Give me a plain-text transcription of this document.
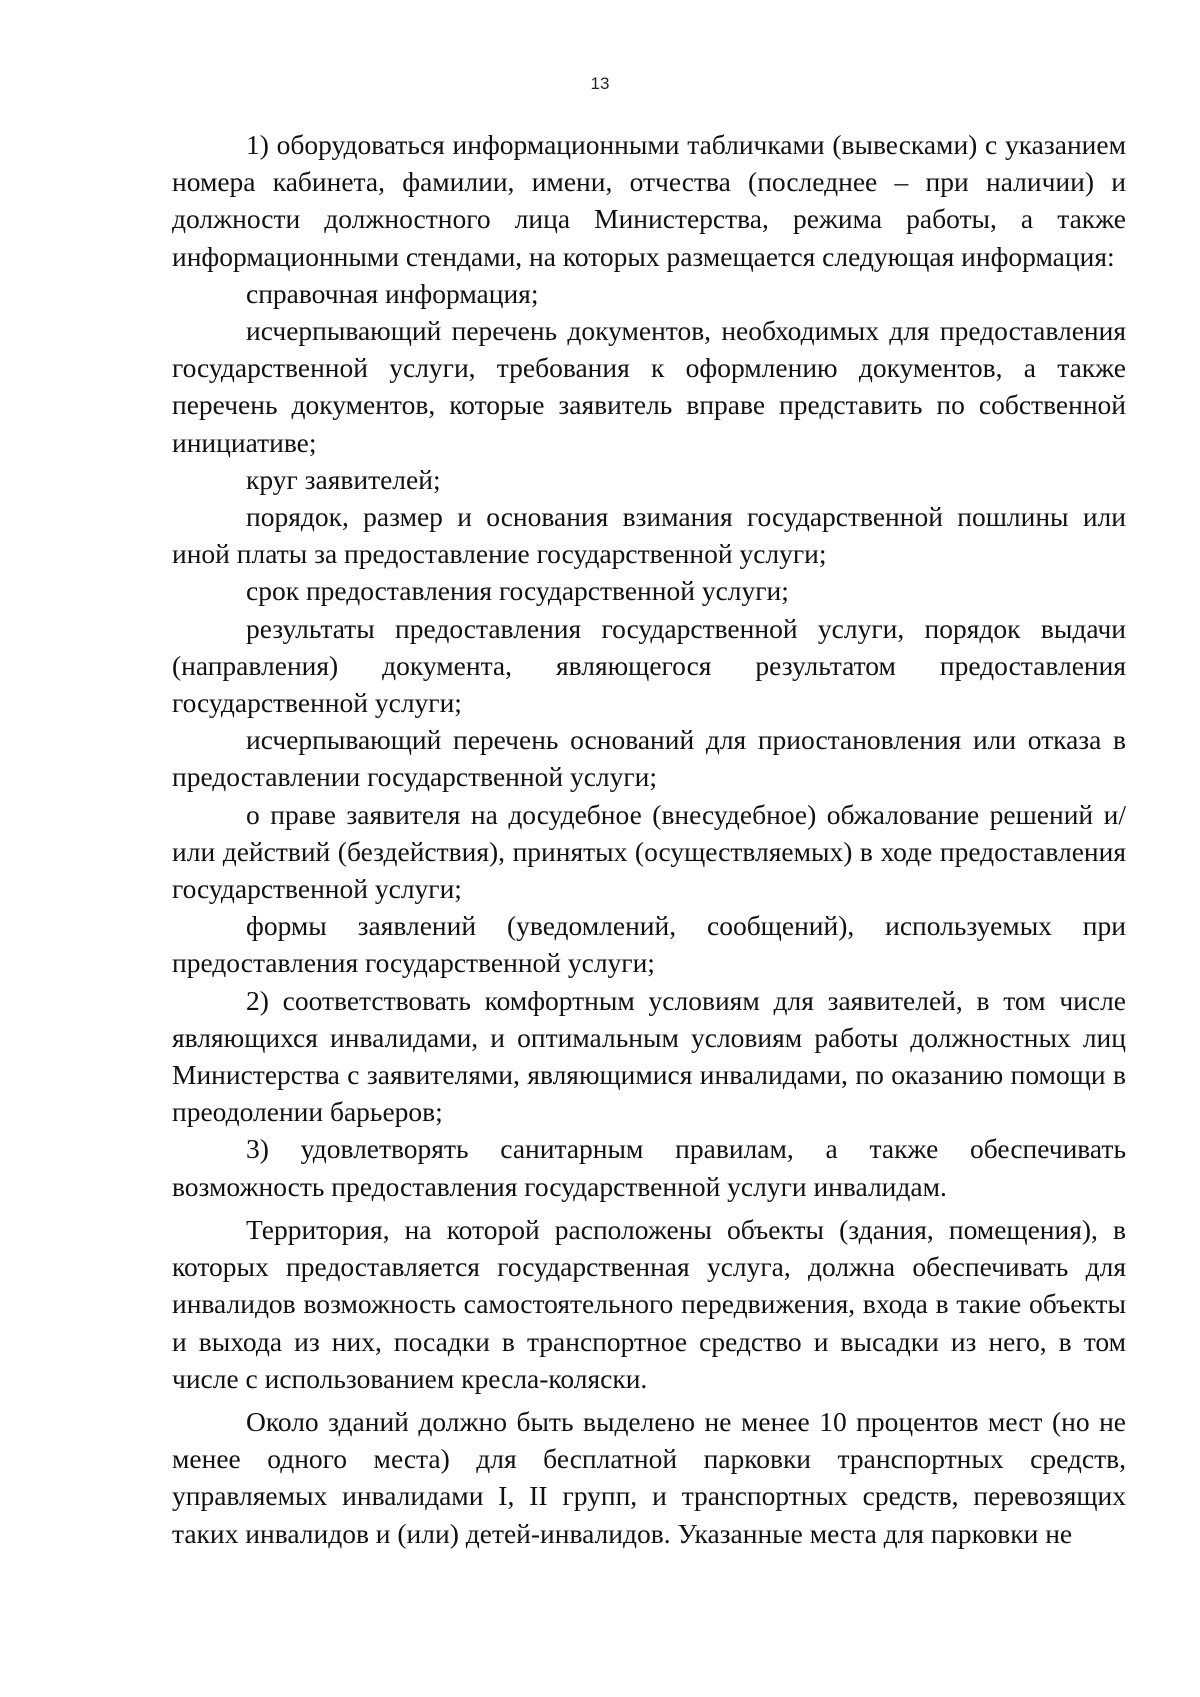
13

1) оборудоваться информационными табличками (вывесками) с указанием номера кабинета, фамилии, имени, отчества (последнее – при наличии) и должности должностного лица Министерства, режима работы, а также информационными стендами, на которых размещается следующая информация:

справочная информация;

исчерпывающий перечень документов, необходимых для предоставления государственной услуги, требования к оформлению документов, а также перечень документов, которые заявитель вправе представить по собственной инициативе;

круг заявителей;

порядок, размер и основания взимания государственной пошлины или иной платы за предоставление государственной услуги;

срок предоставления государственной услуги;

результаты предоставления государственной услуги, порядок выдачи (направления) документа, являющегося результатом предоставления государственной услуги;

исчерпывающий перечень оснований для приостановления или отказа в предоставлении государственной услуги;

о праве заявителя на досудебное (внесудебное) обжалование решений и/или действий (бездействия), принятых (осуществляемых) в ходе предоставления государственной услуги;

формы заявлений (уведомлений, сообщений), используемых при предоставления государственной услуги;

2) соответствовать комфортным условиям для заявителей, в том числе являющихся инвалидами, и оптимальным условиям работы должностных лиц Министерства с заявителями, являющимися инвалидами, по оказанию помощи в преодолении барьеров;

3) удовлетворять санитарным правилам, а также обеспечивать возможность предоставления государственной услуги инвалидам.

Территория, на которой расположены объекты (здания, помещения), в которых предоставляется государственная услуга, должна обеспечивать для инвалидов возможность самостоятельного передвижения, входа в такие объекты и выхода из них, посадки в транспортное средство и высадки из него, в том числе с использованием кресла-коляски.

Около зданий должно быть выделено не менее 10 процентов мест (но не менее одного места) для бесплатной парковки транспортных средств, управляемых инвалидами I, II групп, и транспортных средств, перевозящих таких инвалидов и (или) детей-инвалидов. Указанные места для парковки не
